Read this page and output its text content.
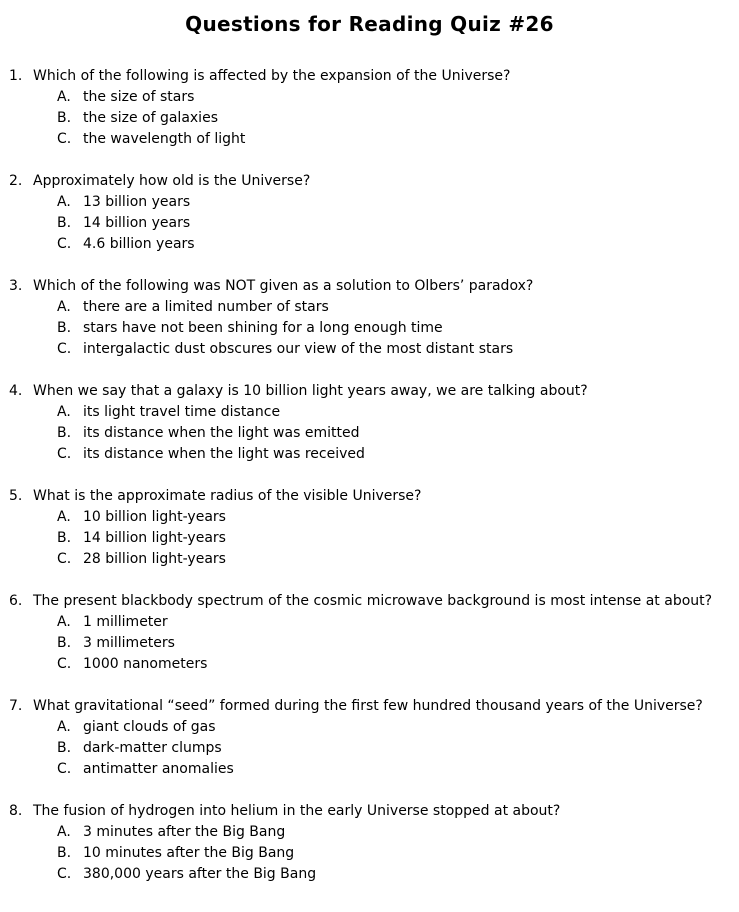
Questions for Reading Quiz #26
1. Which of the following is affected by the expansion of the Universe?
A. the size of stars
B. the size of galaxies
C. the wavelength of light
2. Approximately how old is the Universe?
A. 13 billion years
B. 14 billion years
C. 4.6 billion years
3. Which of the following was NOT given as a solution to Olbers’ paradox?
A. there are a limited number of stars
B. stars have not been shining for a long enough time
C. intergalactic dust obscures our view of the most distant stars
4. When we say that a galaxy is 10 billion light years away, we are talking about?
A. its light travel time distance
B. its distance when the light was emitted
C. its distance when the light was received
5. What is the approximate radius of the visible Universe?
A. 10 billion light-years
B. 14 billion light-years
C. 28 billion light-years
6. The present blackbody spectrum of the cosmic microwave background is most intense at about?
A. 1 millimeter
B. 3 millimeters
C. 1000 nanometers
7. What gravitational “seed” formed during the first few hundred thousand years of the Universe?
A. giant clouds of gas
B. dark-matter clumps
C. antimatter anomalies
8. The fusion of hydrogen into helium in the early Universe stopped at about?
A. 3 minutes after the Big Bang
B. 10 minutes after the Big Bang
C. 380,000 years after the Big Bang
